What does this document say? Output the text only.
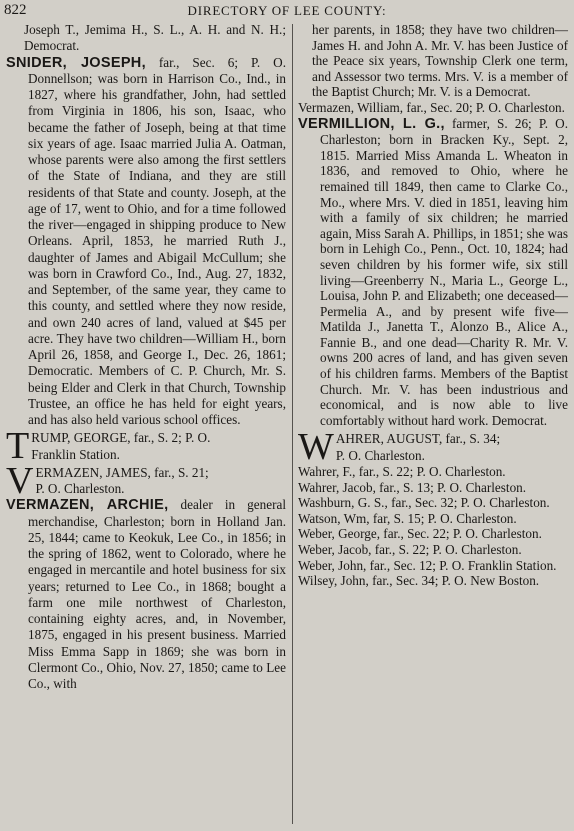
822	DIRECTORY OF LEE COUNTY:

Joseph T., Jemima H., S. L., A. H. and N. H.; Democrat.

SNIDER, JOSEPH, far., Sec. 6; P. O. Donnellson; was born in Harrison Co., Ind., in 1827, where his grandfather, John, had settled from Virginia in 1806, his son, Isaac, who became the father of Joseph, being at that time six years of age. Isaac married Julia A. Oatman, whose parents were also among the first settlers of the State of Indiana, and they are still residents of that State and county. Joseph, at the age of 17, went to Ohio, and for a time followed the river—engaged in shipping produce to New Orleans. April, 1853, he married Ruth J., daughter of James and Abigail McCullum; she was born in Crawford Co., Ind., Aug. 27, 1832, and September, of the same year, they came to this county, and settled where they now reside, and own 240 acres of land, valued at $45 per acre. They have two children—William H., born April 26, 1858, and George I., Dec. 26, 1861; Democratic. Members of C. P. Church, Mr. S. being Elder and Clerk in that Church, Township Trustee, an office he has held for eight years, and has also held various school offices.

T RUMP, GEORGE, far., S. 2; P. O.
Franklin Station.
V ERMAZEN, JAMES, far., S. 21;
P. O. Charleston.

VERMAZEN, ARCHIE, dealer in general merchandise, Charleston; born in Holland Jan. 25, 1844; came to Keokuk, Lee Co., in 1856; in the spring of 1862, went to Colorado, where he engaged in mercantile and hotel business for six years; returned to Lee Co., in 1868; bought a farm one mile northwest of Charleston, containing eighty acres, and, in November, 1875, engaged in his present business. Married Miss Emma Sapp in 1869; she was born in Clermont Co., Ohio, Nov. 27, 1850; came to Lee Co., with

her parents, in 1858; they have two children—James H. and John A. Mr. V. has been Justice of the Peace six years, Township Clerk one term, and Assessor two terms. Mrs. V. is a member of the Baptist Church; Mr. V. is a Democrat.

Vermazen, William, far., Sec. 20; P. O. Charleston.

VERMILLION, L. G., farmer, S. 26; P. O. Charleston; born in Bracken Ky., Sept. 2, 1815. Married Miss Amanda L. Wheaton in 1836, and removed to Ohio, where he remained till 1849, then came to Clarke Co., Mo., where Mrs. V. died in 1851, leaving him with a family of six children; he married again, Miss Sarah A. Phillips, in 1851; she was born in Lehigh Co., Penn., Oct. 10, 1824; had seven children by his former wife, six still living—Greenberry N., Maria L., George L., Louisa, John P. and Elizabeth; one deceased—Permelia A., and by present wife five—Matilda J., Janetta T., Alonzo B., Alice A., Fannie B., and one dead—Charity R. Mr. V. owns 200 acres of land, and has given seven of his children farms. Members of the Baptist Church. Mr. V. has been industrious and economical, and is now able to live comfortably without hard work. Democrat.

W AHRER, AUGUST, far., S. 34;
P. O. Charleston.

Wahrer, F., far., S. 22; P. O. Charleston.

Wahrer, Jacob, far., S. 13; P. O. Charleston.

Washburn, G. S., far., Sec. 32; P. O. Charleston.

Watson, Wm, far, S. 15; P. O. Charleston.

Weber, George, far., Sec. 22; P. O. Charleston.

Weber, Jacob, far., S. 22; P. O. Charleston.

Weber, John, far., Sec. 12; P. O. Franklin Station.

Wilsey, John, far., Sec. 34; P. O. New Boston.
